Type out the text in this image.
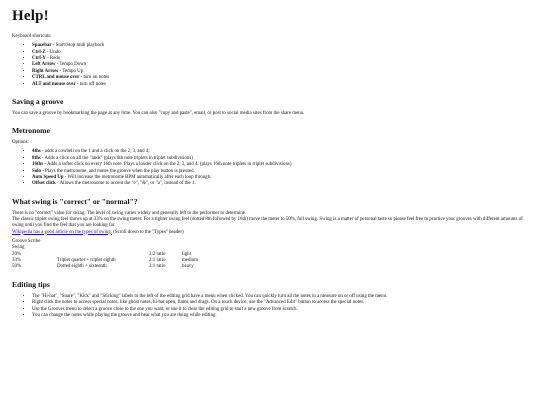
Help!

Keyboard shortcuts:

• Spacebar - Start/Stop midi playback
• Ctrl-Z - Undo
• Ctrl-Y - Redo
• Left Arrow - Tempo Down
• Right Arrow - Tempo Up
• CTRL and mouse over - turn on notes
• ALT and mouse over - turn off notes
Saving a groove

You can save a groove by bookmarking the page at any time. You can also "copy and paste", email, or post to social media sites from the share menu.

Metronome

Options:

• 4ths - adds a cowbell on the 1 and a click on the 2, 3, and 4;
• 8ths - Adds a click on all the "ands" (plays 8th note triplets in triplet subdivisions)
• 16ths - Adds a softer click on every 16th note. Plays a louder click on the 2, 3, and 4. (plays 16th note triplets in triplet subdivisions)
• Solo - Plays the metronome, and mutes the groove when the play button is pressed.
• Auto Speed Up - Will increase the metronome BPM automatically after each loop through.
• Offset click - Allows the metronome to accent the "e", "&", or "a", instead of the 1.
What swing is "correct" or "normal"?

There is no "correct" value for swing. The level of swing varies widely and generally left to the performer to determine.

The classic triplet swing feel shows up at 33% on the swing meter. For a tighter swing feel (dotted 8th followed by 16th) move the meter to 50%, full swing. Swing is a matter of personal taste so please feel free to practice your grooves with different amounts of swing until you find the feel that you are looking for.

Wikipedia has a good article on the types of swing. (Scroll down to the "Types" header)

Groove Scribe			
Swing			
20%		3:2 ratio	light
33%	Triplet quarter + triplet eighth	2:1 ratio	medium
50%	Dotted eighth + sixteenth	3:1 ratio	heavy
Editing tips
• The "Hi-hat", "Snare", "Kick" and "Sticking" labels to the left of the editing grid have a menu when clicked. You can quickly turn all the notes in a measure on or off using the menu.
• Right click the notes to access special notes, like ghost notes, hi-hat open, flams and drags. On a touch device, use the "Advanced Edit" button to access the special notes.
• Use the Grooves menu to select a groove close to the one you want, or use it to clear the editing grid to start a new groove from scratch.
• You can change the notes while playing the groove and hear what you are doing while editing.
